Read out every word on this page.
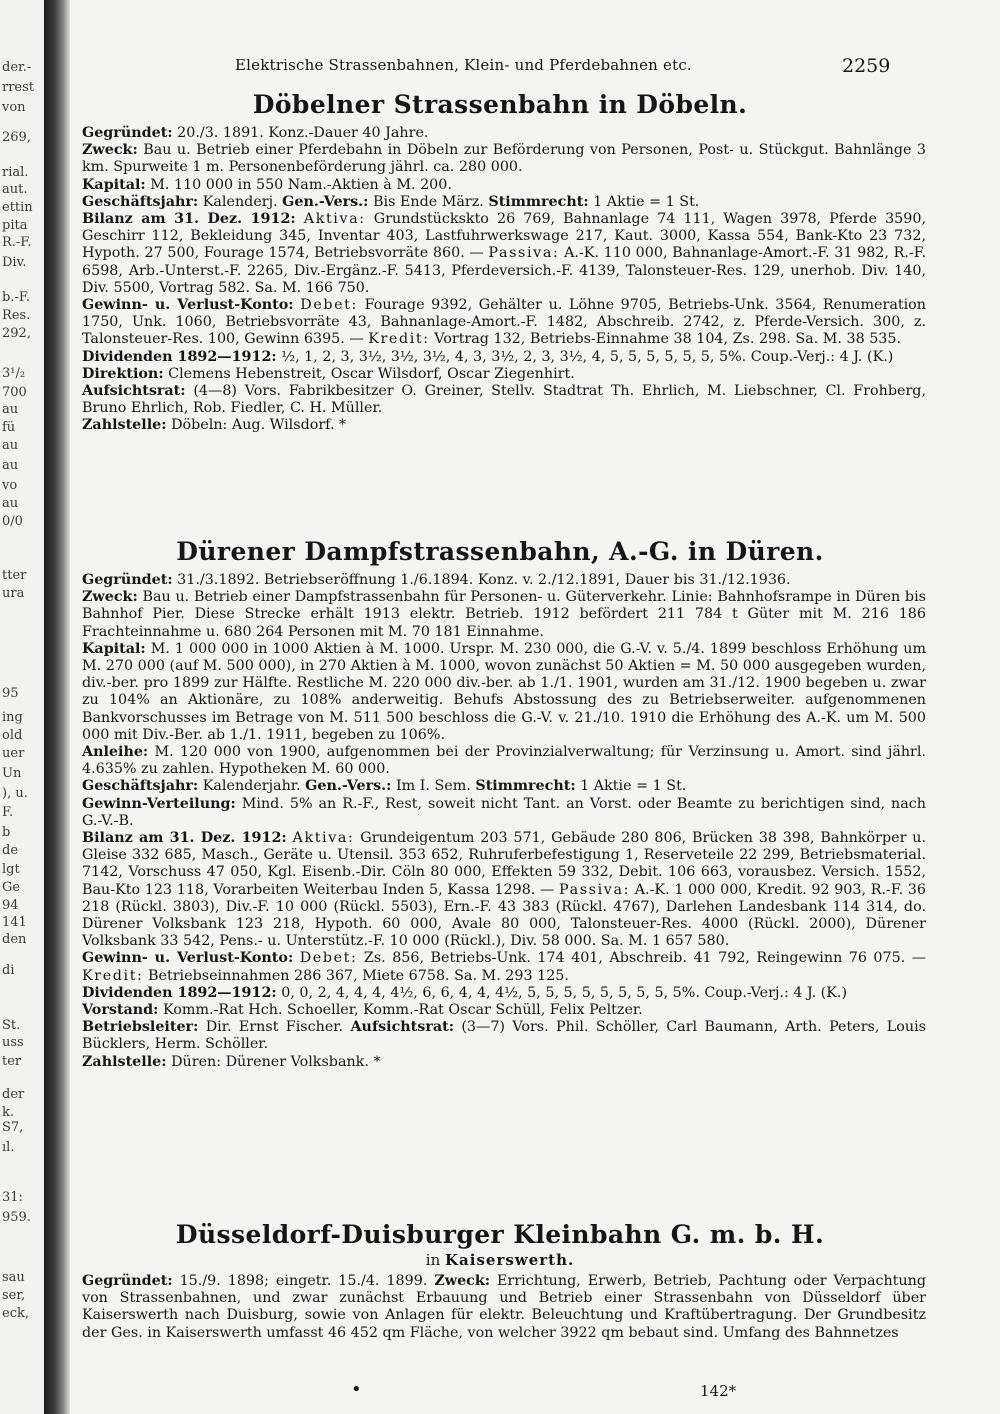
der.-
rrest
von
269,
rial.
aut.
ettin
pita
R.-F.
Div.
b.-F.
Res.
292,
3¹/₂
700
au
fü
au
au
vo
au
0/0
tter
ura
95
ing
old
uer
Un
), u.
F.
b
de
lgt
Ge
94
141
den
di
St.
uss
ter
der
k.
S7,
ıl.
31:
959.
sau
ser,
eck,
Elektrische Strassenbahnen, Klein- und Pferdebahnen etc.	2259
Döbelner Strassenbahn in Döbeln.

Gegründet: 20./3. 1891. Konz.-Dauer 40 Jahre.

Zweck: Bau u. Betrieb einer Pferdebahn in Döbeln zur Beförderung von Personen, Post- u. Stückgut. Bahnlänge 3 km. Spurweite 1 m. Personenbeförderung jährl. ca. 280 000.

Kapital: M. 110 000 in 550 Nam.-Aktien à M. 200.

Geschäftsjahr: Kalenderj. Gen.-Vers.: Bis Ende März. Stimmrecht: 1 Aktie = 1 St.

Bilanz am 31. Dez. 1912: Aktiva: Grundstückskto 26 769, Bahnanlage 74 111, Wagen 3978, Pferde 3590, Geschirr 112, Bekleidung 345, Inventar 403, Lastfuhrwerkswage 217, Kaut. 3000, Kassa 554, Bank-Kto 23 732, Hypoth. 27 500, Fourage 1574, Betriebsvorräte 860. — Passiva: A.-K. 110 000, Bahnanlage-Amort.-F. 31 982, R.-F. 6598, Arb.-Unterst.-F. 2265, Div.-Ergänz.-F. 5413, Pferdeversich.-F. 4139, Talonsteuer-Res. 129, unerhob. Div. 140, Div. 5500, Vortrag 582. Sa. M. 166 750.

Gewinn- u. Verlust-Konto: Debet: Fourage 9392, Gehälter u. Löhne 9705, Betriebs-Unk. 3564, Renumeration 1750, Unk. 1060, Betriebsvorräte 43, Bahnanlage-Amort.-F. 1482, Abschreib. 2742, z. Pferde-Versich. 300, z. Talonsteuer-Res. 100, Gewinn 6395. — Kredit: Vortrag 132, Betriebs-Einnahme 38 104, Zs. 298. Sa. M. 38 535.

Dividenden 1892—1912: ½, 1, 2, 3, 3½, 3½, 3½, 4, 3, 3½, 2, 3, 3½, 4, 5, 5, 5, 5, 5, 5, 5%. Coup.-Verj.: 4 J. (K.)

Direktion: Clemens Hebenstreit, Oscar Wilsdorf, Oscar Ziegenhirt.

Aufsichtsrat: (4—8) Vors. Fabrikbesitzer O. Greiner, Stellv. Stadtrat Th. Ehrlich, M. Liebschner, Cl. Frohberg, Bruno Ehrlich, Rob. Fiedler, C. H. Müller.

Zahlstelle: Döbeln: Aug. Wilsdorf. *

Dürener Dampfstrassenbahn, A.-G. in Düren.

Gegründet: 31./3.1892. Betriebseröffnung 1./6.1894. Konz. v. 2./12.1891, Dauer bis 31./12.1936.

Zweck: Bau u. Betrieb einer Dampfstrassenbahn für Personen- u. Güterverkehr. Linie: Bahnhofsrampe in Düren bis Bahnhof Pier. Diese Strecke erhält 1913 elektr. Betrieb. 1912 befördert 211 784 t Güter mit M. 216 186 Frachteinnahme u. 680 264 Personen mit M. 70 181 Einnahme.

Kapital: M. 1 000 000 in 1000 Aktien à M. 1000. Urspr. M. 230 000, die G.-V. v. 5./4. 1899 beschloss Erhöhung um M. 270 000 (auf M. 500 000), in 270 Aktien à M. 1000, wovon zunächst 50 Aktien = M. 50 000 ausgegeben wurden, div.-ber. pro 1899 zur Hälfte. Restliche M. 220 000 div.-ber. ab 1./1. 1901, wurden am 31./12. 1900 begeben u. zwar zu 104% an Aktionäre, zu 108% anderweitig. Behufs Abstossung des zu Betriebserweiter. aufgenommenen Bankvorschusses im Betrage von M. 511 500 beschloss die G.-V. v. 21./10. 1910 die Erhöhung des A.-K. um M. 500 000 mit Div.-Ber. ab 1./1. 1911, begeben zu 106%.

Anleihe: M. 120 000 von 1900, aufgenommen bei der Provinzialverwaltung; für Verzinsung u. Amort. sind jährl. 4.635% zu zahlen. Hypotheken M. 60 000.

Geschäftsjahr: Kalenderjahr. Gen.-Vers.: Im I. Sem. Stimmrecht: 1 Aktie = 1 St.

Gewinn-Verteilung: Mind. 5% an R.-F., Rest, soweit nicht Tant. an Vorst. oder Beamte zu berichtigen sind, nach G.-V.-B.

Bilanz am 31. Dez. 1912: Aktiva: Grundeigentum 203 571, Gebäude 280 806, Brücken 38 398, Bahnkörper u. Gleise 332 685, Masch., Geräte u. Utensil. 353 652, Ruhruferbefestigung 1, Reserveteile 22 299, Betriebsmaterial. 7142, Vorschuss 47 050, Kgl. Eisenb.-Dir. Cöln 80 000, Effekten 59 332, Debit. 106 663, vorausbez. Versich. 1552, Bau-Kto 123 118, Vorarbeiten Weiterbau Inden 5, Kassa 1298. — Passiva: A.-K. 1 000 000, Kredit. 92 903, R.-F. 36 218 (Rückl. 3803), Div.-F. 10 000 (Rückl. 5503), Ern.-F. 43 383 (Rückl. 4767), Darlehen Landesbank 114 314, do. Dürener Volksbank 123 218, Hypoth. 60 000, Avale 80 000, Talonsteuer-Res. 4000 (Rückl. 2000), Dürener Volksbank 33 542, Pens.- u. Unterstütz.-F. 10 000 (Rückl.), Div. 58 000. Sa. M. 1 657 580.

Gewinn- u. Verlust-Konto: Debet: Zs. 856, Betriebs-Unk. 174 401, Abschreib. 41 792, Reingewinn 76 075. — Kredit: Betriebseinnahmen 286 367, Miete 6758. Sa. M. 293 125.

Dividenden 1892—1912: 0, 0, 2, 4, 4, 4, 4½, 6, 6, 4, 4, 4½, 5, 5, 5, 5, 5, 5, 5, 5, 5%. Coup.-Verj.: 4 J. (K.)

Vorstand: Komm.-Rat Hch. Schoeller, Komm.-Rat Oscar Schüll, Felix Peltzer.

Betriebsleiter: Dir. Ernst Fischer. Aufsichtsrat: (3—7) Vors. Phil. Schöller, Carl Baumann, Arth. Peters, Louis Bücklers, Herm. Schöller.

Zahlstelle: Düren: Dürener Volksbank. *

Düsseldorf-Duisburger Kleinbahn G. m. b. H.
in Kaiserswerth.

Gegründet: 15./9. 1898; eingetr. 15./4. 1899. Zweck: Errichtung, Erwerb, Betrieb, Pachtung oder Verpachtung von Strassenbahnen, und zwar zunächst Erbauung und Betrieb einer Strassenbahn von Düsseldorf über Kaiserswerth nach Duisburg, sowie von Anlagen für elektr. Beleuchtung und Kraftübertragung. Der Grundbesitz der Ges. in Kaiserswerth umfasst 46 452 qm Fläche, von welcher 3922 qm bebaut sind. Umfang des Bahnnetzes

•	142*
